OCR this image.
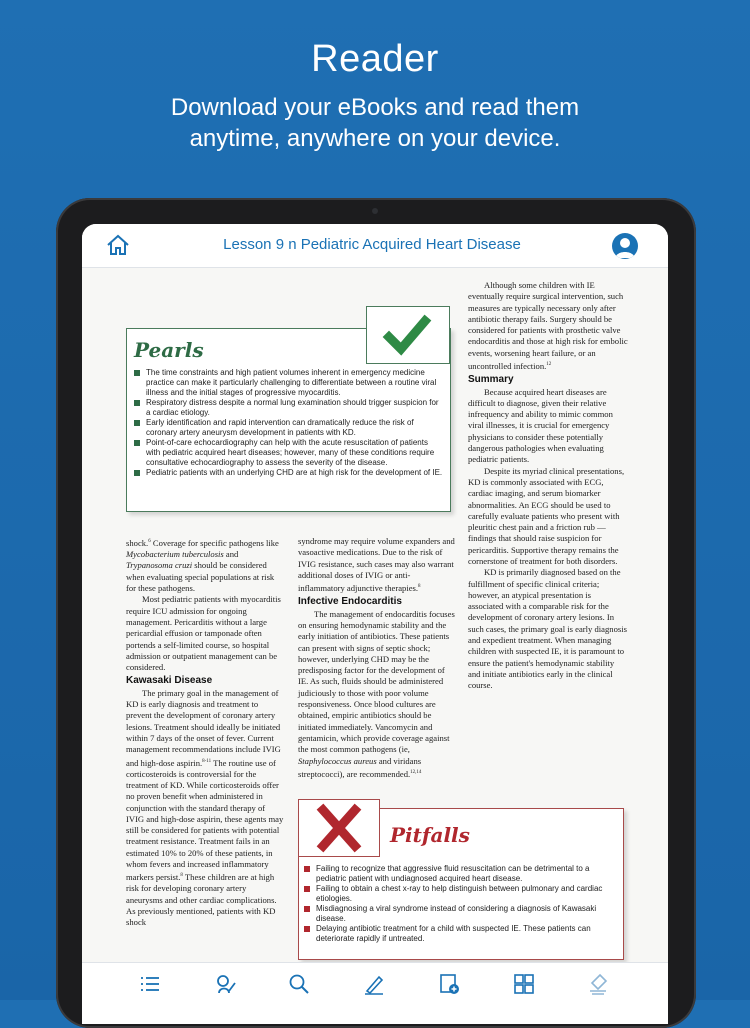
Reader
Download your eBooks and read them
anytime, anywhere on your device.
Lesson 9 n Pediatric Acquired Heart Disease
Pearls
The time constraints and high patient volumes inherent in emergency medicine practice can make it particularly challenging to differentiate between a routine viral illness and the initial stages of progressive myocarditis.
Respiratory distress despite a normal lung examination should trigger suspicion for a cardiac etiology.
Early identification and rapid intervention can dramatically reduce the risk of coronary artery aneurysm development in patients with KD.
Point-of-care echocardiography can help with the acute resuscitation of patients with pediatric acquired heart diseases; however, many of these conditions require consultative echocardiography to assess the severity of the disease.
Pediatric patients with an underlying CHD are at high risk for the development of IE.

shock.$^6$ Coverage for specific pathogens like Mycobacterium tuberculosis and Trypanosoma cruzi should be considered when evaluating special populations at risk for these pathogens.

Most pediatric patients with myocarditis require ICU admission for ongoing management. Pericarditis without a large pericardial effusion or tamponade often portends a self-limited course, so hospital admission or outpatient management can be considered.

Kawasaki Disease

The primary goal in the management of KD is early diagnosis and treatment to prevent the development of coronary artery lesions. Treatment should ideally be initiated within 7 days of the onset of fever. Current management recommendations include IVIG and high-dose aspirin.$^{8-11}$ The routine use of corticosteroids is controversial for the treatment of KD. While corticosteroids offer no proven benefit when administered in conjunction with the standard therapy of IVIG and high-dose aspirin, these agents may still be considered for patients with potential treatment resistance. Treatment fails in an estimated 10% to 20% of these patients, in whom fevers and increased inflammatory markers persist.$^8$ These children are at high risk for developing coronary artery aneurysms and other cardiac complications. As previously mentioned, patients with KD shock

syndrome may require volume expanders and vasoactive medications. Due to the risk of IVIG resistance, such cases may also warrant additional doses of IVIG or anti-inflammatory adjunctive therapies.$^8$

Infective Endocarditis

The management of endocarditis focuses on ensuring hemodynamic stability and the early initiation of antibiotics. These patients can present with signs of septic shock; however, underlying CHD may be the predisposing factor for the development of IE. As such, fluids should be administered judiciously to those with poor volume responsiveness. Once blood cultures are obtained, empiric antibiotics should be initiated immediately. Vancomycin and gentamicin, which provide coverage against the most common pathogens (ie, Staphylococcus aureus and viridans streptococci), are recommended.$^{12,14}$

Although some children with IE eventually require surgical intervention, such measures are typically necessary only after antibiotic therapy fails. Surgery should be considered for patients with prosthetic valve endocarditis and those at high risk for embolic events, worsening heart failure, or an uncontrolled infection.$^{12}$

Summary

Because acquired heart diseases are difficult to diagnose, given their relative infrequency and ability to mimic common viral illnesses, it is crucial for emergency physicians to consider these potentially dangerous pathologies when evaluating pediatric patients.

Despite its myriad clinical presentations, KD is commonly associated with ECG, cardiac imaging, and serum biomarker abnormalities. An ECG should be used to carefully evaluate patients who present with pleuritic chest pain and a friction rub — findings that should raise suspicion for pericarditis. Supportive therapy remains the cornerstone of treatment for both disorders.

KD is primarily diagnosed based on the fulfillment of specific clinical criteria; however, an atypical presentation is associated with a comparable risk for the development of coronary artery lesions. In such cases, the primary goal is early diagnosis and expedient treatment. When managing children with suspected IE, it is paramount to ensure the patient's hemodynamic stability and initiate antibiotics early in the clinical course.

Pitfalls
Failing to recognize that aggressive fluid resuscitation can be detrimental to a pediatric patient with undiagnosed acquired heart disease.
Failing to obtain a chest x-ray to help distinguish between pulmonary and cardiac etiologies.
Misdiagnosing a viral syndrome instead of considering a diagnosis of Kawasaki disease.
Delaying antibiotic treatment for a child with suspected IE. These patients can deteriorate rapidly if untreated.
